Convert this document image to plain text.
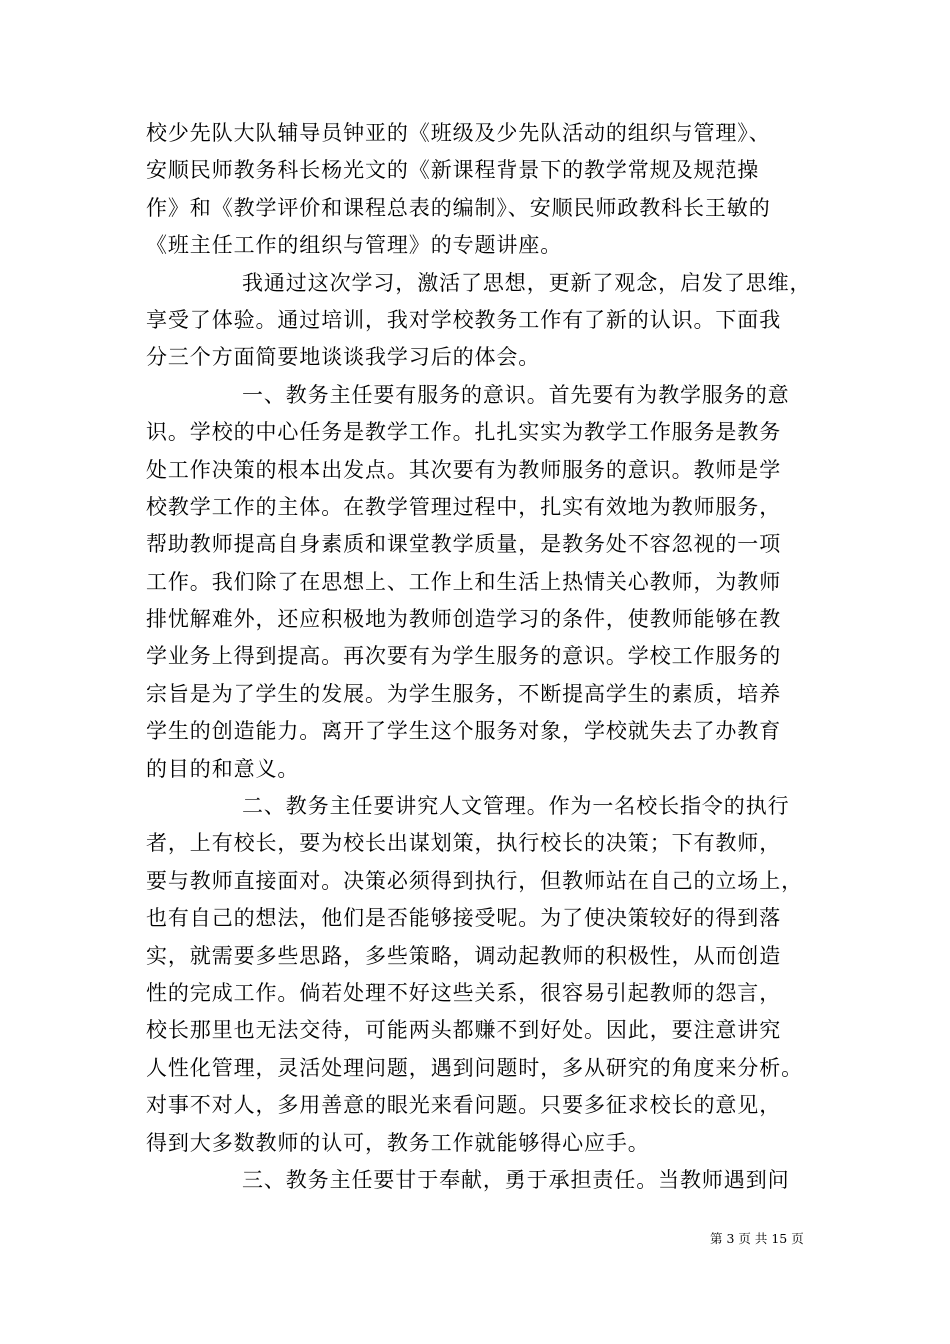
校少先队大队辅导员钟亚的《班级及少先队活动的组织与管理》、
安顺民师教务科长杨光文的《新课程背景下的教学常规及规范操
作》和《教学评价和课程总表的编制》、安顺民师政教科长王敏的
《班主任工作的组织与管理》的专题讲座。
我通过这次学习，激活了思想，更新了观念，启发了思维，
享受了体验。通过培训，我对学校教务工作有了新的认识。下面我
分三个方面简要地谈谈我学习后的体会。
一、教务主任要有服务的意识。首先要有为教学服务的意
识。学校的中心任务是教学工作。扎扎实实为教学工作服务是教务
处工作决策的根本出发点。其次要有为教师服务的意识。教师是学
校教学工作的主体。在教学管理过程中，扎实有效地为教师服务，
帮助教师提高自身素质和课堂教学质量，是教务处不容忽视的一项
工作。我们除了在思想上、工作上和生活上热情关心教师，为教师
排忧解难外，还应积极地为教师创造学习的条件，使教师能够在教
学业务上得到提高。再次要有为学生服务的意识。学校工作服务的
宗旨是为了学生的发展。为学生服务，不断提高学生的素质，培养
学生的创造能力。离开了学生这个服务对象，学校就失去了办教育
的目的和意义。
二、教务主任要讲究人文管理。作为一名校长指令的执行
者，上有校长，要为校长出谋划策，执行校长的决策；下有教师，
要与教师直接面对。决策必须得到执行，但教师站在自己的立场上，
也有自己的想法，他们是否能够接受呢。为了使决策较好的得到落
实，就需要多些思路，多些策略，调动起教师的积极性，从而创造
性的完成工作。倘若处理不好这些关系，很容易引起教师的怨言，
校长那里也无法交待，可能两头都赚不到好处。因此，要注意讲究
人性化管理，灵活处理问题，遇到问题时，多从研究的角度来分析。
对事不对人，多用善意的眼光来看问题。只要多征求校长的意见，
得到大多数教师的认可，教务工作就能够得心应手。
三、教务主任要甘于奉献，勇于承担责任。当教师遇到问
第 3 页 共 15 页
